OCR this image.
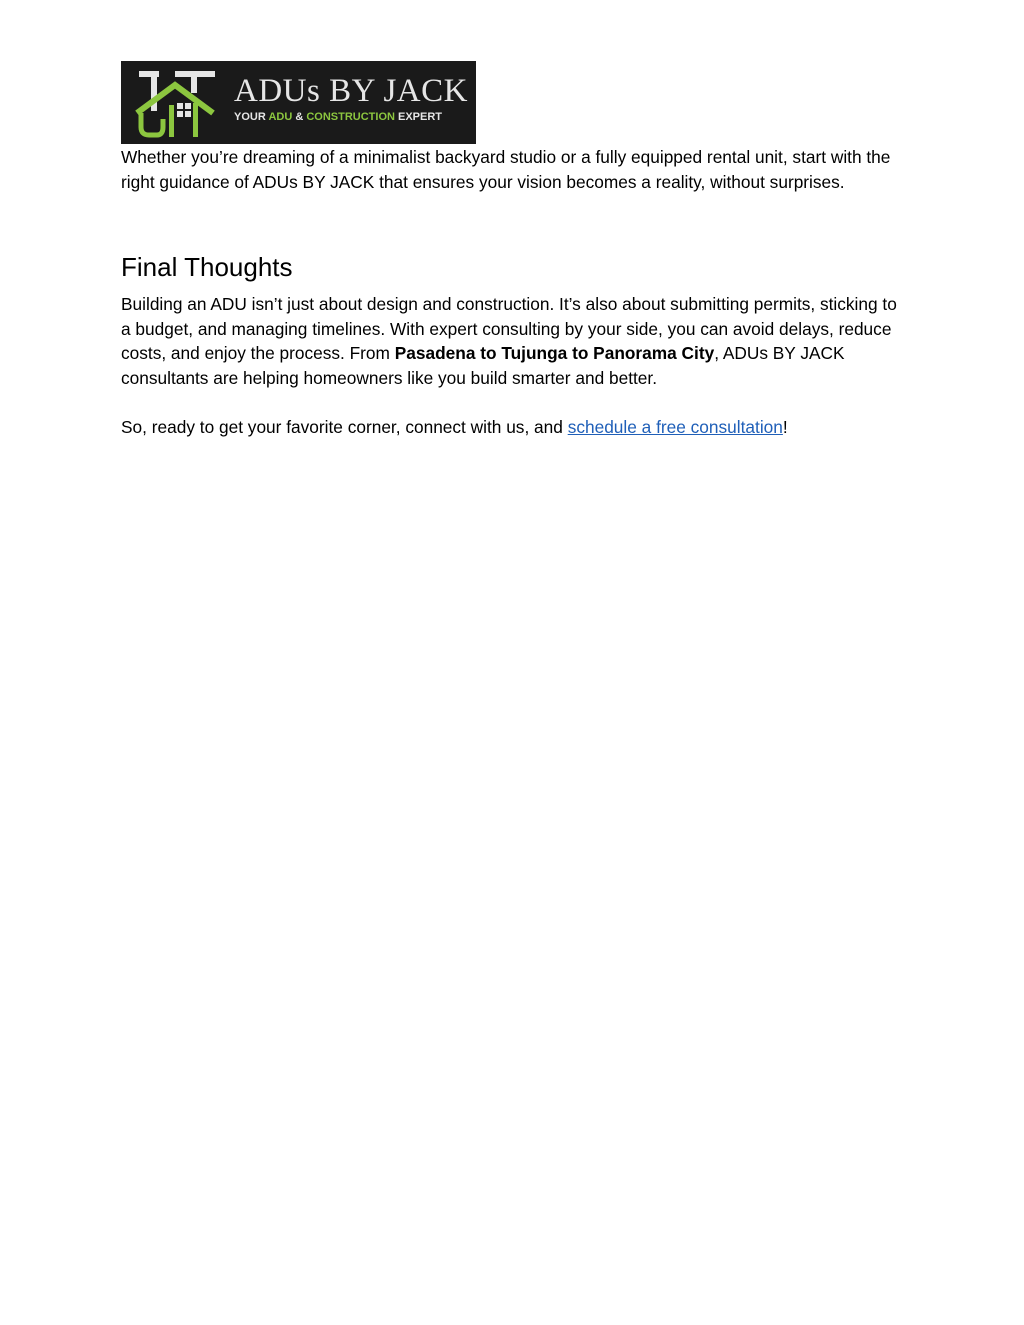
ADUs BY JACK
YOUR ADU & CONSTRUCTION EXPERT

Whether you’re dreaming of a minimalist backyard studio or a fully equipped rental unit, start with the right guidance of ADUs BY JACK that ensures your vision becomes a reality, without surprises.

Final Thoughts

Building an ADU isn’t just about design and construction. It’s also about submitting permits, sticking to a budget, and managing timelines. With expert consulting by your side, you can avoid delays, reduce costs, and enjoy the process. From Pasadena to Tujunga to Panorama City, ADUs BY JACK consultants are helping homeowners like you build smarter and better.

So, ready to get your favorite corner, connect with us, and schedule a free consultation!
